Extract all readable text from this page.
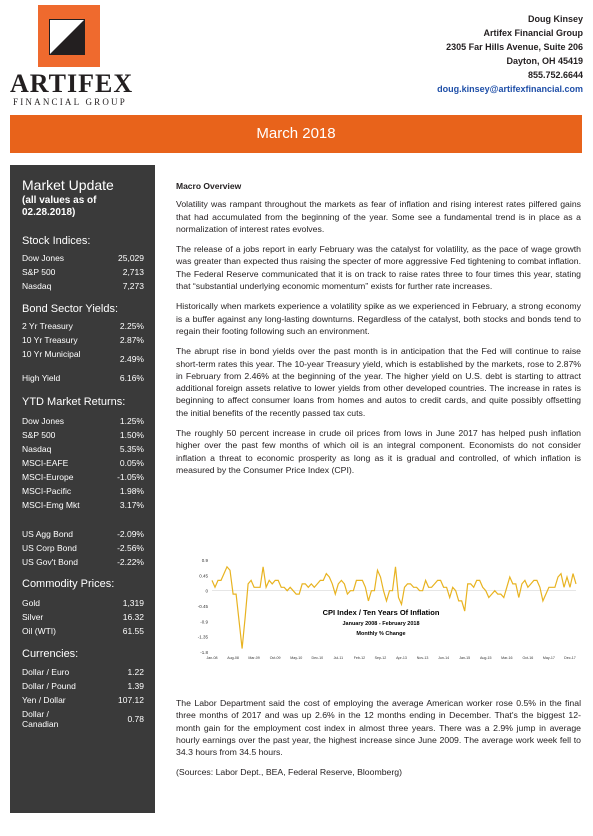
ARTIFEX
FINANCIAL GROUP
Doug Kinsey
Artifex Financial Group
2305 Far Hills Avenue, Suite 206
Dayton, OH 45419
855.752.6644
doug.kinsey@artifexfinancial.com
March 2018
Market Update
(all values as of 02.28.2018)
Stock Indices:
Dow Jones	25,029
S&P 500	2,713
Nasdaq	7,273
Bond Sector Yields:
2 Yr Treasury	2.25%
10 Yr Treasury	2.87%
10 Yr Municipal	2.49%
High Yield	6.16%
YTD Market Returns:
Dow Jones	1.25%
S&P 500	1.50%
Nasdaq	5.35%
MSCI-EAFE	0.05%
MSCI-Europe	-1.05%
MSCI-Pacific	1.98%
MSCI-Emg Mkt	3.17%
US Agg Bond	-2.09%
US Corp Bond	-2.56%
US Gov't Bond	-2.22%
Commodity Prices:
Gold	1,319
Silver	16.32
Oil (WTI)	61.55
Currencies:
Dollar / Euro	1.22
Dollar / Pound	1.39
Yen / Dollar	107.12
Dollar / Canadian	0.78
Macro Overview

Volatility was rampant throughout the markets as fear of inflation and rising interest rates pilfered gains that had accumulated from the beginning of the year. Some see a fundamental trend is in place as a normalization of interest rates evolves.

The release of a jobs report in early February was the catalyst for volatility, as the pace of wage growth was greater than expected thus raising the specter of more aggressive Fed tightening to combat inflation. The Federal Reserve communicated that it is on track to raise rates three to four times this year, stating that “substantial underlying economic momentum” exists for further rate increases.

Historically when markets experience a volatility spike as we experienced in February, a strong economy is a buffer against any long-lasting downturns. Regardless of the catalyst, both stocks and bonds tend to regain their footing following such an environment.

The abrupt rise in bond yields over the past month is in anticipation that the Fed will continue to raise short-term rates this year. The 10-year Treasury yield, which is established by the markets, rose to 2.87% in February from 2.46% at the beginning of the year. The higher yield on U.S. debt is starting to attract additional foreign assets relative to lower yields from other developed countries. The increase in rates is beginning to affect consumer loans from homes and autos to credit cards, and quite possibly offsetting the initial benefits of the recently passed tax cuts.

The roughly 50 percent increase in crude oil prices from lows in June 2017 has helped push inflation higher over the past few months of which oil is an integral component. Economists do not consider inflation a threat to economic prosperity as long as it is gradual and controlled, of which inflation is measured by the Consumer Price Index (CPI).

CPI Index / Ten Years Of Inflation
January 2008 - February 2018
Monthly % Change
0.9
0.45
0
-0.45
-0.9
-1.35
-1.8
Jan-08	Aug-08	Mar-09	Oct-09	May-10	Dec-10	Jul-11	Feb-12	Sep-12	Apr-13	Nov-13	Jun-14	Jan-15	Aug-15	Mar-16	Oct-16	May-17	Dec-17

The Labor Department said the cost of employing the average American worker rose 0.5% in the final three months of 2017 and was up 2.6% in the 12 months ending in December. That's the biggest 12-month gain for the employment cost index in almost three years. There was a 2.9% jump in average hourly earnings over the past year, the highest increase since June 2009. The average work week fell to 34.3 hours from 34.5 hours.

(Sources: Labor Dept., BEA, Federal Reserve, Bloomberg)
